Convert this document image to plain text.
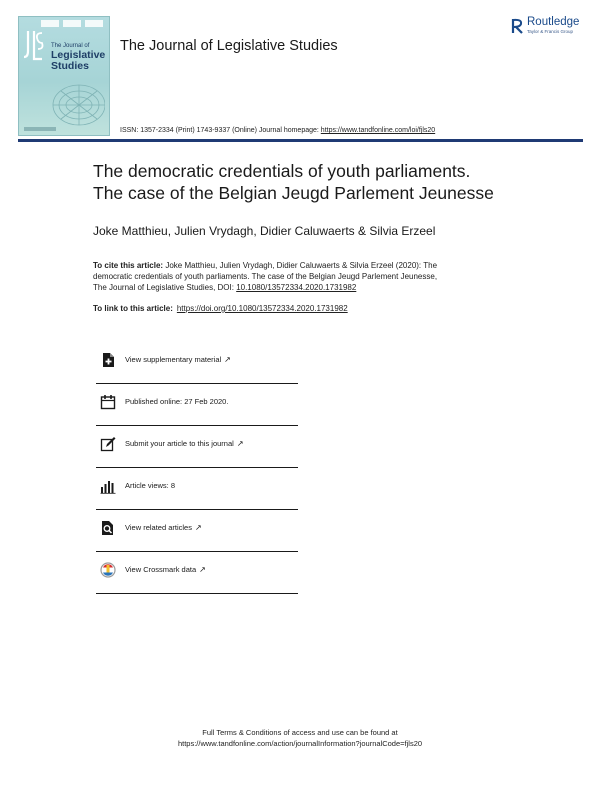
The Journal of
Legislative
Studies
The Journal of Legislative Studies
Routledge
Taylor & Francis Group
ISSN: 1357-2334 (Print) 1743-9337 (Online) Journal homepage: https://www.tandfonline.com/loi/fjls20
The democratic credentials of youth parliaments.
The case of the Belgian Jeugd Parlement Jeunesse
Joke Matthieu, Julien Vrydagh, Didier Caluwaerts & Silvia Erzeel
To cite this article: Joke Matthieu, Julien Vrydagh, Didier Caluwaerts & Silvia Erzeel (2020): The
democratic credentials of youth parliaments. The case of the Belgian Jeugd Parlement Jeunesse,
The Journal of Legislative Studies, DOI: 10.1080/13572334.2020.1731982
To link to this article: https://doi.org/10.1080/13572334.2020.1731982
View supplementary material ↗
Published online: 27 Feb 2020.
Submit your article to this journal ↗
Article views: 8
View related articles ↗
View Crossmark data ↗
Full Terms & Conditions of access and use can be found at
https://www.tandfonline.com/action/journalInformation?journalCode=fjls20
